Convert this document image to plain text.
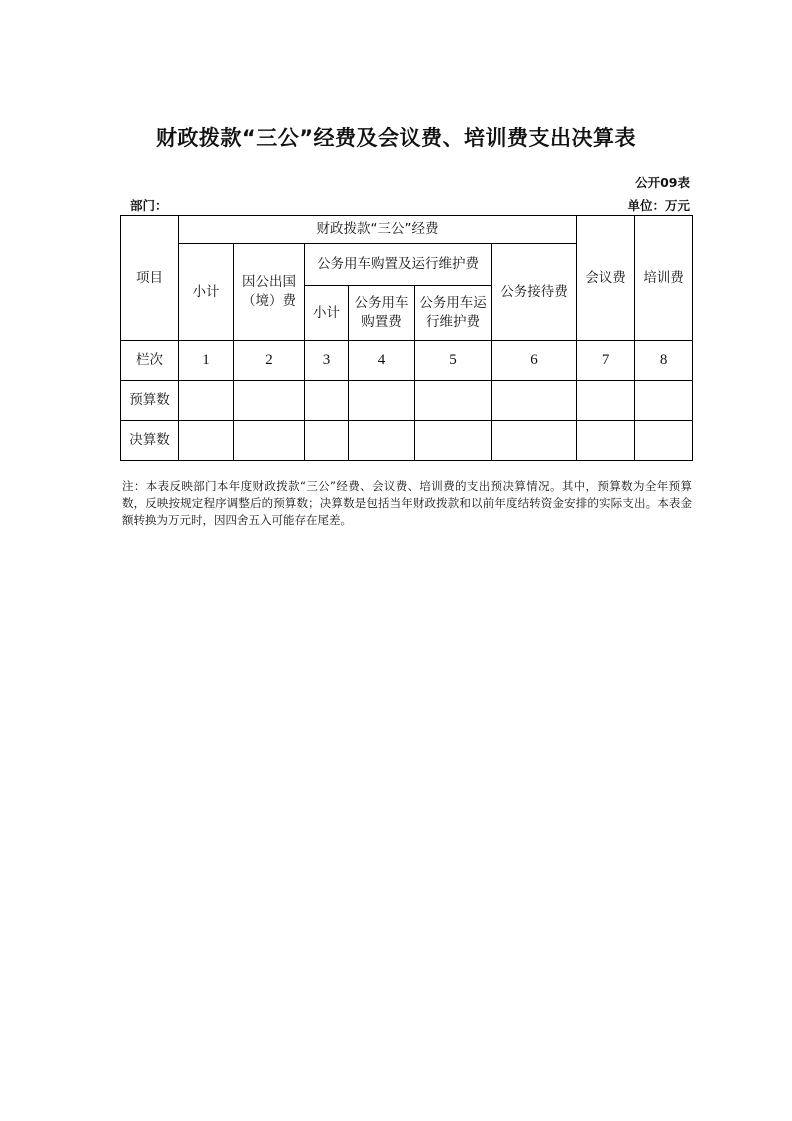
财政拨款“三公”经费及会议费、培训费支出决算表
公开09表
部门：	单位：万元
项目	财政拨款“三公”经费						会议费	培训费
	小计	因公出国（境）费	公务用车购置及运行维护费			公务接待费		
			小计	公务用车购置费	公务用车运行维护费			
栏次	1	2	3	4	5	6	7	8
预算数								
决算数								
注：本表反映部门本年度财政拨款“三公”经费、会议费、培训费的支出预决算情况。其中，预算数为全年预算数，反映按规定程序调整后的预算数；决算数是包括当年财政拨款和以前年度结转资金安排的实际支出。本表金额转换为万元时，因四舍五入可能存在尾差。
